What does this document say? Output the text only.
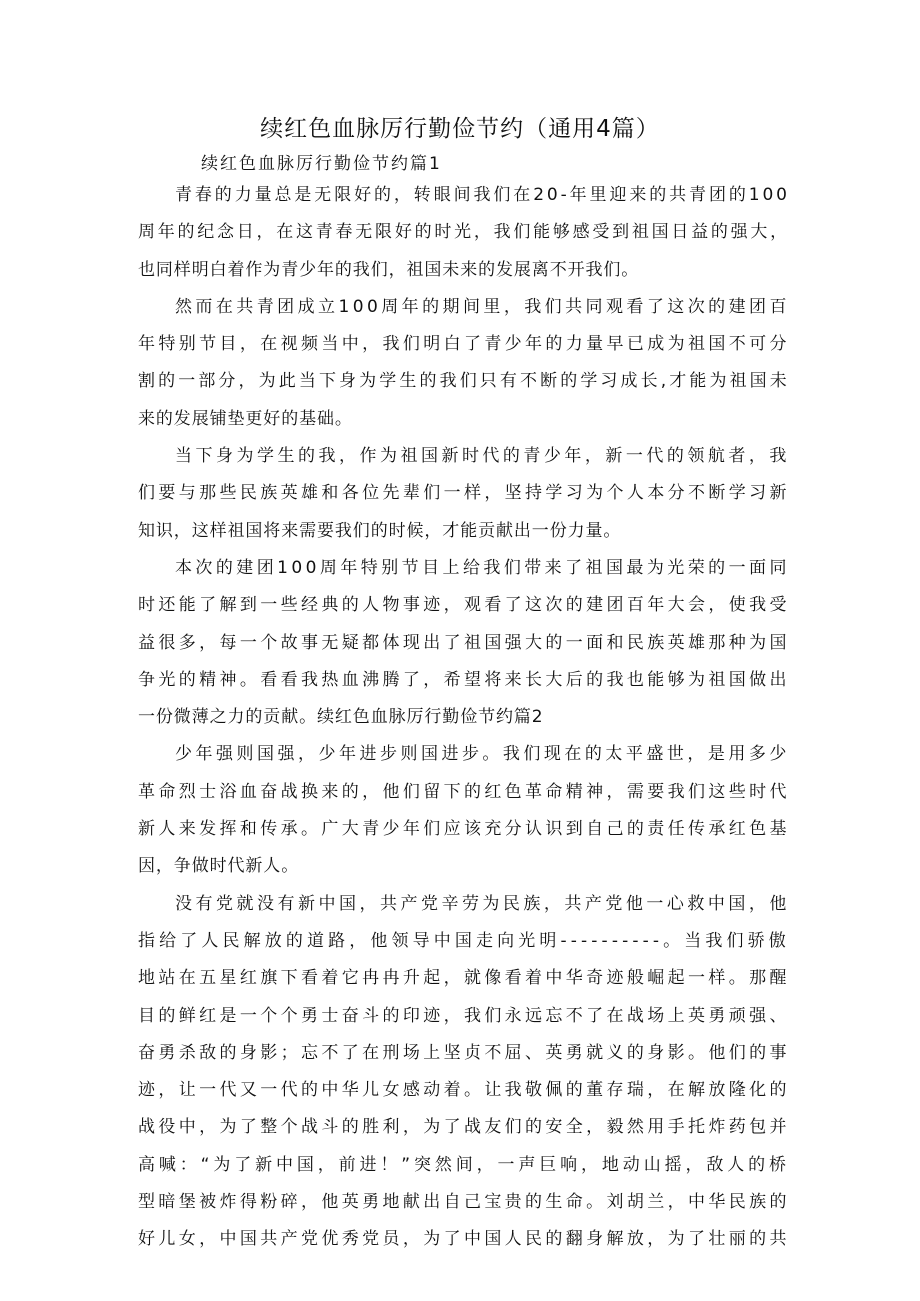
续红色血脉厉行勤俭节约（通用4篇）
续红色血脉厉行勤俭节约篇1
青春的力量总是无限好的，转眼间我们在20-年里迎来的共青团的100
周年的纪念日，在这青春无限好的时光，我们能够感受到祖国日益的强大，
也同样明白着作为青少年的我们，祖国未来的发展离不开我们。
然而在共青团成立100周年的期间里，我们共同观看了这次的建团百
年特别节目，在视频当中，我们明白了青少年的力量早已成为祖国不可分
割的一部分，为此当下身为学生的我们只有不断的学习成长,才能为祖国未
来的发展铺垫更好的基础。
当下身为学生的我，作为祖国新时代的青少年，新一代的领航者，我
们要与那些民族英雄和各位先辈们一样，坚持学习为个人本分不断学习新
知识，这样祖国将来需要我们的时候，才能贡献出一份力量。
本次的建团100周年特别节目上给我们带来了祖国最为光荣的一面同
时还能了解到一些经典的人物事迹，观看了这次的建团百年大会，使我受
益很多，每一个故事无疑都体现出了祖国强大的一面和民族英雄那种为国
争光的精神。看看我热血沸腾了，希望将来长大后的我也能够为祖国做出
一份微薄之力的贡献。续红色血脉厉行勤俭节约篇2
少年强则国强，少年进步则国进步。我们现在的太平盛世，是用多少
革命烈士浴血奋战换来的，他们留下的红色革命精神，需要我们这些时代
新人来发挥和传承。广大青少年们应该充分认识到自己的责任传承红色基
因，争做时代新人。
没有党就没有新中国，共产党辛劳为民族，共产党他一心救中国，他
指给了人民解放的道路，他领导中国走向光明----------。当我们骄傲
地站在五星红旗下看着它冉冉升起，就像看着中华奇迹般崛起一样。那醒
目的鲜红是一个个勇士奋斗的印迹，我们永远忘不了在战场上英勇顽强、
奋勇杀敌的身影；忘不了在刑场上坚贞不屈、英勇就义的身影。他们的事
迹，让一代又一代的中华儿女感动着。让我敬佩的董存瑞，在解放隆化的
战役中，为了整个战斗的胜利，为了战友们的安全，毅然用手托炸药包并
高喊：“为了新中国，前进！”突然间，一声巨响，地动山摇，敌人的桥
型暗堡被炸得粉碎，他英勇地献出自己宝贵的生命。刘胡兰，中华民族的
好儿女，中国共产党优秀党员，为了中国人民的翻身解放，为了壮丽的共
